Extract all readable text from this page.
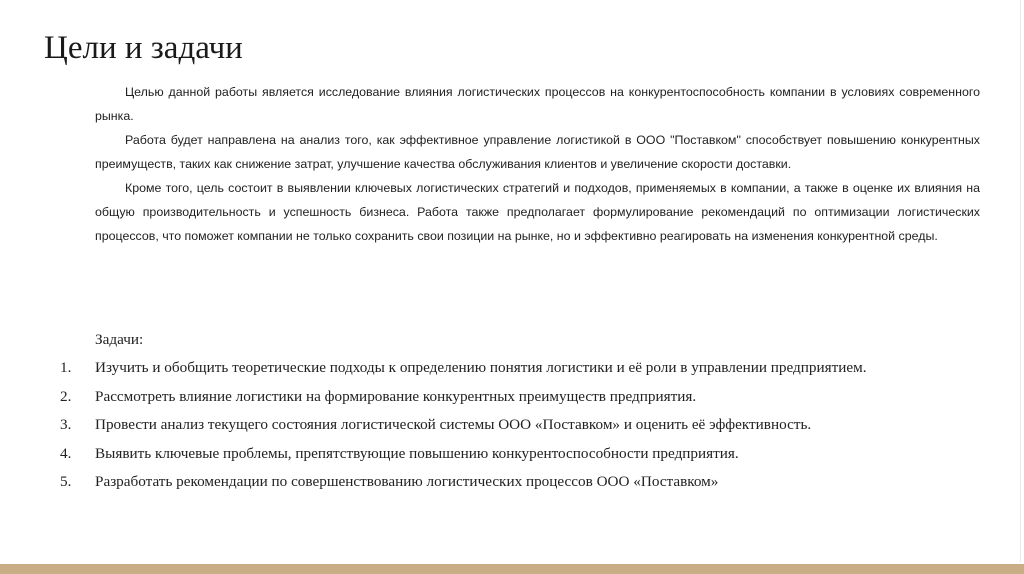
Цели и задачи

Целью данной работы является исследование влияния логистических процессов на конкурентоспособность компании в условиях современного рынка.

Работа будет направлена на анализ того, как эффективное управление логистикой в ООО "Поставком" способствует повышению конкурентных преимуществ, таких как снижение затрат, улучшение качества обслуживания клиентов и увеличение скорости доставки.

Кроме того, цель состоит в выявлении ключевых логистических стратегий и подходов, применяемых в компании, а также в оценке их влияния на общую производительность и успешность бизнеса. Работа также предполагает формулирование рекомендаций по оптимизации логистических процессов, что поможет компании не только сохранить свои позиции на рынке, но и эффективно реагировать на изменения конкурентной среды.

Задачи:
1.	Изучить и обобщить теоретические подходы к определению понятия логистики и её роли в управлении предприятием.
2.	Рассмотреть влияние логистики на формирование конкурентных преимуществ предприятия.
3.	Провести анализ текущего состояния логистической системы ООО «Поставком» и оценить её эффективность.
4.	Выявить ключевые проблемы, препятствующие повышению конкурентоспособности предприятия.
5.	Разработать рекомендации по совершенствованию логистических процессов ООО «Поставком»
